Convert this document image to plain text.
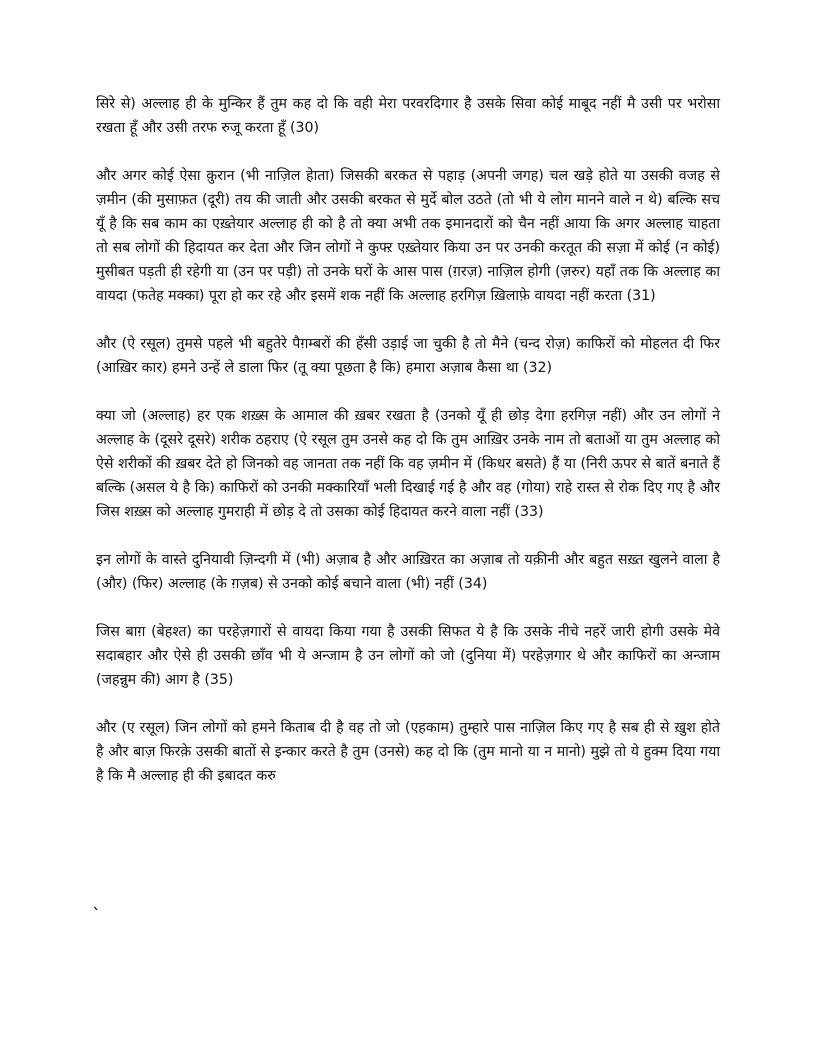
सिरे से) अल्लाह ही के मुन्किर हैं तुम कह दो कि वही मेरा परवरदिगार है उसके सिवा कोई माबूद नहीं मै उसी पर भरोसा रखता हूँ और उसी तरफ रुजू करता हूँ (30)

और अगर कोई ऐसा क़ुरान (भी नाज़िल हेाता) जिसकी बरकत से पहाड़ (अपनी जगह) चल खड़े होते या उसकी वजह से ज़मीन (की मुसाफ़त (दूरी) तय की जाती और उसकी बरकत से मुर्दे बोल उठते (तो भी ये लोग मानने वाले न थे) बल्कि सच यूँ है कि सब काम का एख़्तेयार अल्लाह ही को है तो क्या अभी तक इमानदारों को चैन नहीं आया कि अगर अल्लाह चाहता तो सब लोगों की हिदायत कर देता और जिन लोगों ने कुफ्ऱ एख़्तेयार किया उन पर उनकी करतूत की सज़ा में कोई (न कोई) मुसीबत पड़ती ही रहेगी या (उन पर पड़ी) तो उनके घरों के आस पास (ग़रज़) नाज़िल होगी (ज़रुर) यहाँ तक कि अल्लाह का वायदा (फतेह मक्का) पूरा हो कर रहे और इसमें शक नहीं कि अल्लाह हरगिज़ ख़िलाफ़े वायदा नहीं करता (31)

और (ऐ रसूल) तुमसे पहले भी बहुतेरे पैग़म्बरों की हँसी उड़ाई जा चुकी है तो मैने (चन्द रोज़) काफिरों को मोहलत दी फिर (आख़िर कार) हमने उन्हें ले डाला फिर (तू क्या पूछता है कि) हमारा अज़ाब कैसा था (32)

क्या जो (अल्लाह) हर एक शख़्स के आमाल की ख़बर रखता है (उनको यूँ ही छोड़ देगा हरगिज़ नहीं) और उन लोगों ने अल्लाह के (दूसरे दूसरे) शरीक ठहराए (ऐ रसूल तुम उनसे कह दो कि तुम आख़िर उनके नाम तो बताओं या तुम अल्लाह को ऐसे शरीकों की ख़बर देते हो जिनको वह जानता तक नहीं कि वह ज़मीन में (किधर बसते) हैं या (निरी ऊपर से बातें बनाते हैं बल्कि (असल ये है कि) काफिरों को उनकी मक्कारियाँ भली दिखाई गई है और वह (गोया) राहे रास्त से रोक दिए गए है और जिस शख़्स को अल्लाह गुमराही में छोड़ दे तो उसका कोई हिदायत करने वाला नहीं (33)

इन लोगों के वास्ते दुनियावी ज़िन्दगी में (भी) अज़ाब है और आख़िरत का अज़ाब तो यक़ीनी और बहुत सख़्त खुलने वाला है (और) (फिर) अल्लाह (के ग़ज़ब) से उनको कोई बचाने वाला (भी) नहीं (34)

जिस बाग़ (बेहश्त) का परहेज़गारों से वायदा किया गया है उसकी सिफत ये है कि उसके नीचे नहरें जारी होगी उसके मेवे सदाबहार और ऐसे ही उसकी छाँव भी ये अन्जाम है उन लोगों को जो (दुनिया में) परहेज़गार थे और काफिरों का अन्जाम (जहन्नुम की) आग है (35)

और (ए रसूल) जिन लोगों को हमने किताब दी है वह तो जो (एहकाम) तुम्हारे पास नाज़िल किए गए है सब ही से ख़ुश होते है और बाज़ फिरके़ उसकी बातों से इन्कार करते है तुम (उनसे) कह दो कि (तुम मानो या न मानो) मुझे तो ये हुक्म दिया गया है कि मै अल्लाह ही की इबादत करु

`
